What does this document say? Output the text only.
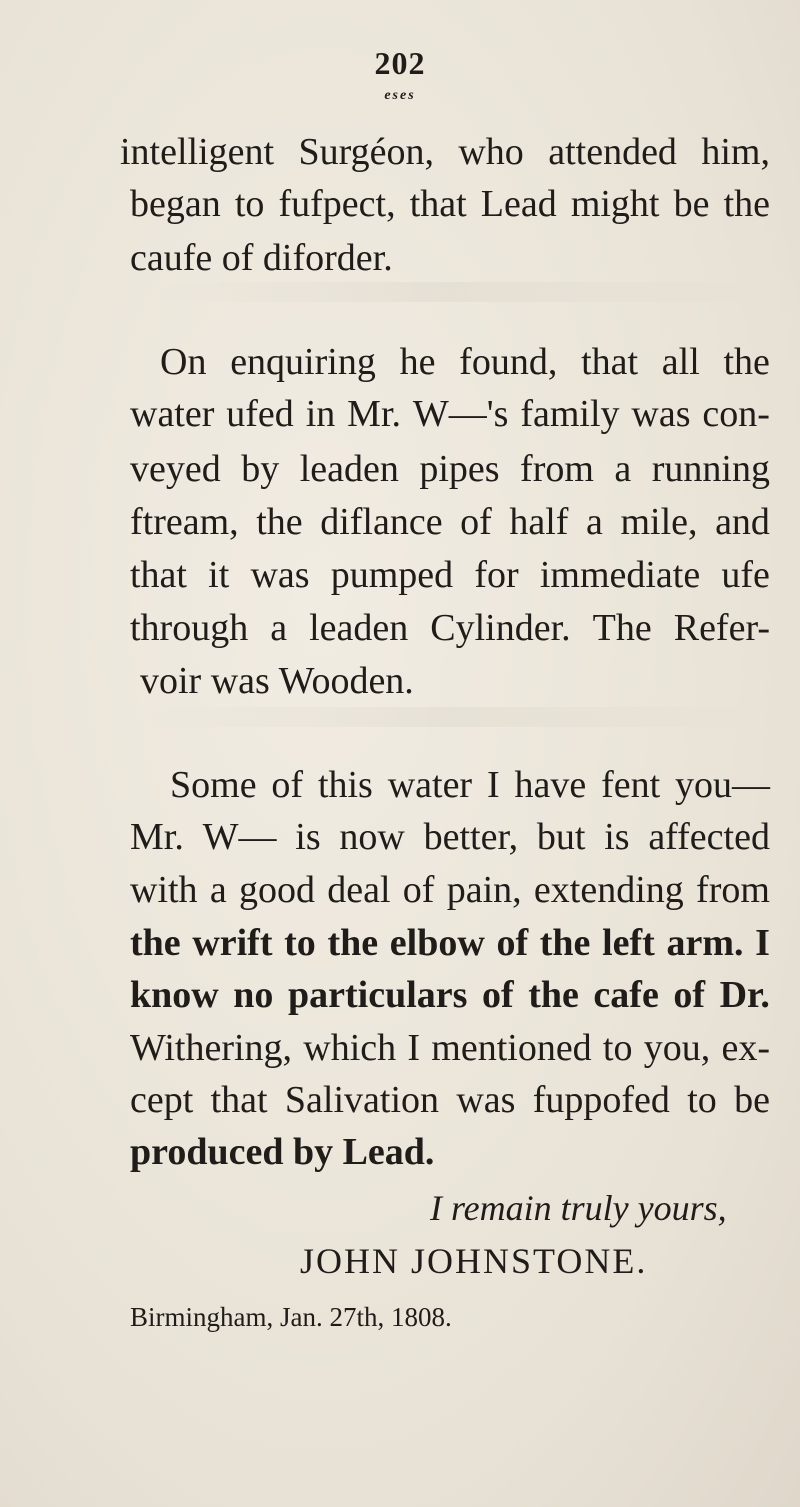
202
eses
intelligent Surgéon, who attended him,
began to fufpect, that Lead might be the
caufe of diforder.
On enquiring he found, that all the
water ufed in Mr. W—'s family was con-
veyed by leaden pipes from a running
ftream, the diflance of half a mile, and
that it was pumped for immediate ufe
through a leaden Cylinder. The Refer-
voir was Wooden.
Some of this water I have fent you—
Mr. W— is now better, but is affected
with a good deal of pain, extending from
the wrift to the elbow of the left arm. I
know no particulars of the cafe of Dr.
Withering, which I mentioned to you, ex-
cept that Salivation was fuppofed to be
produced by Lead.
I remain truly yours,
JOHN JOHNSTONE.
Birmingham, Jan. 27th, 1808.
